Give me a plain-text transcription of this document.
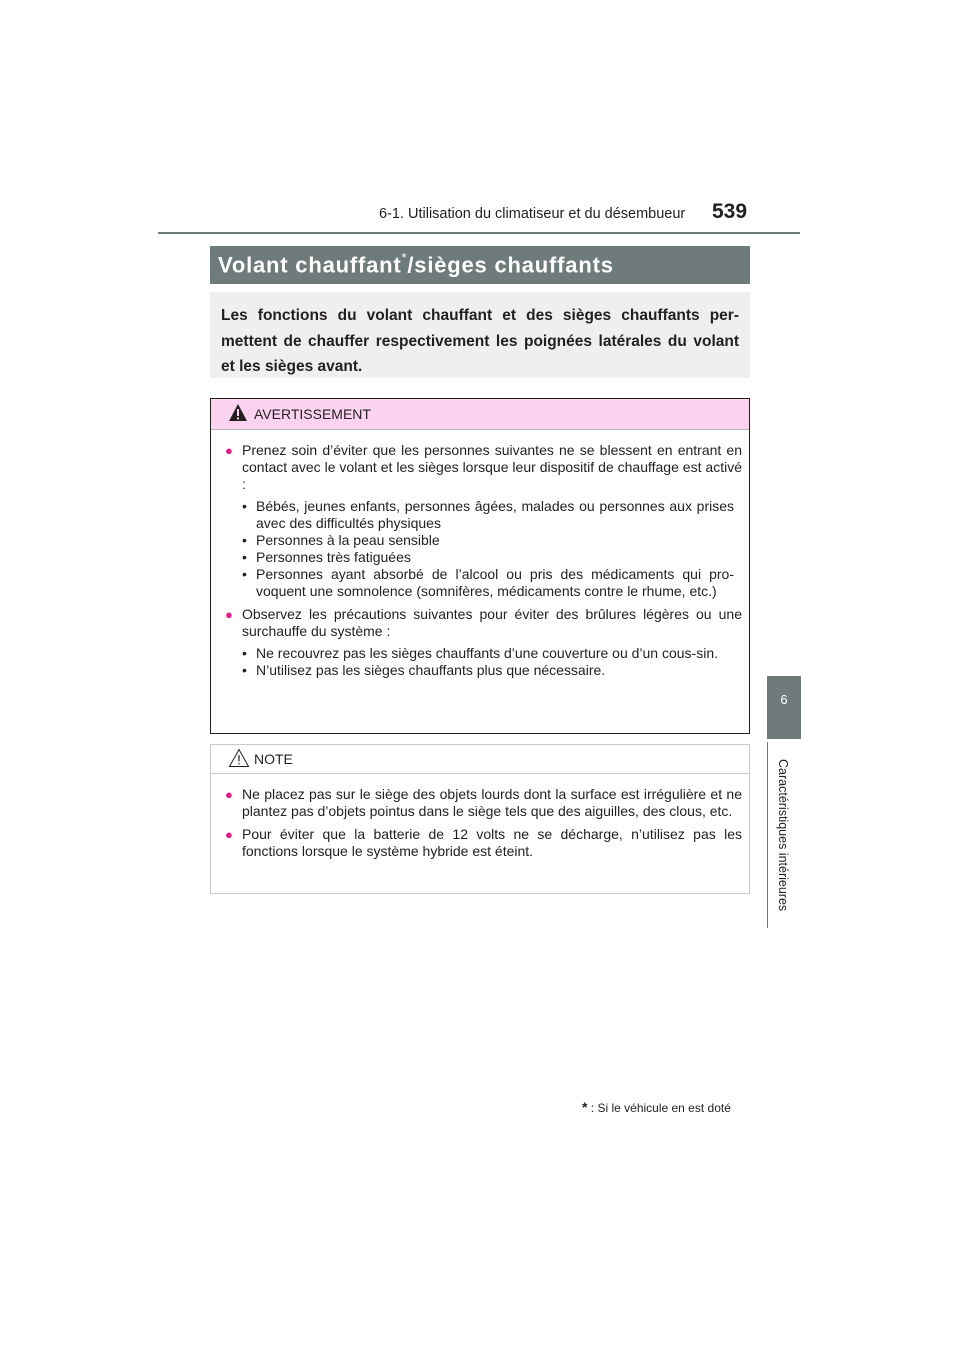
6-1. Utilisation du climatiseur et du désembueur 539
6
Caractéristiques intérieures
Volant chauffant*/sièges chauffants
Les fonctions du volant chauffant et des sièges chauffants per-mettent de chauffer respectivement les poignées latérales du volant et les sièges avant.
AVERTISSEMENT
● Prenez soin d’éviter que les personnes suivantes ne se blessent en entrant en contact avec le volant et les sièges lorsque leur dispositif de chauffage est activé :
• Bébés, jeunes enfants, personnes âgées, malades ou personnes aux prises avec des difficultés physiques
• Personnes à la peau sensible
• Personnes très fatiguées
• Personnes ayant absorbé de l’alcool ou pris des médicaments qui pro-voquent une somnolence (somnifères, médicaments contre le rhume, etc.)
● Observez les précautions suivantes pour éviter des brûlures légères ou une surchauffe du système :
• Ne recouvrez pas les sièges chauffants d’une couverture ou d’un cous-sin.
• N’utilisez pas les sièges chauffants plus que nécessaire.
NOTE
● Ne placez pas sur le siège des objets lourds dont la surface est irrégulière et ne plantez pas d’objets pointus dans le siège tels que des aiguilles, des clous, etc.
● Pour éviter que la batterie de 12 volts ne se décharge, n’utilisez pas les fonctions lorsque le système hybride est éteint.
* : Si le véhicule en est doté
